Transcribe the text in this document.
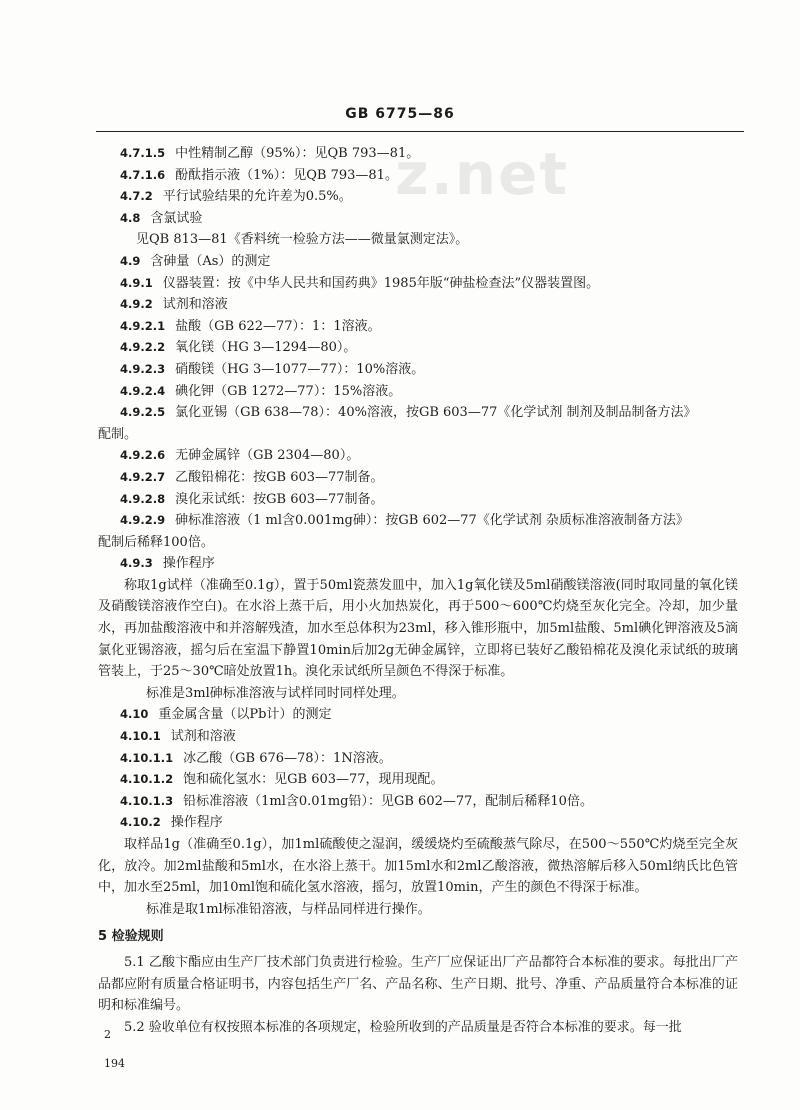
z.net
GB 6775—86
4.7.1.5 中性精制乙醇（95%）：见QB 793—81。
4.7.1.6 酚酞指示液（1%）：见QB 793—81。
4.7.2 平行试验结果的允许差为0.5%。
4.8 含氯试验
见QB 813—81《香料统一检验方法——微量氯测定法》。
4.9 含砷量（As）的测定
4.9.1 仪器装置：按《中华人民共和国药典》1985年版“砷盐检查法”仪器装置图。
4.9.2 试剂和溶液
4.9.2.1 盐酸（GB 622—77）：1：1溶液。
4.9.2.2 氧化镁（HG 3—1294—80）。
4.9.2.3 硝酸镁（HG 3—1077—77）：10%溶液。
4.9.2.4 碘化钾（GB 1272—77）：15%溶液。
4.9.2.5 氯化亚锡（GB 638—78）：40%溶液，按GB 603—77《化学试剂 制剂及制品制备方法》
配制。
4.9.2.6 无砷金属锌（GB 2304—80）。
4.9.2.7 乙酸铅棉花：按GB 603—77制备。
4.9.2.8 溴化汞试纸：按GB 603—77制备。
4.9.2.9 砷标准溶液（1 ml含0.001mg砷）：按GB 602—77《化学试剂 杂质标准溶液制备方法》
配制后稀释100倍。
4.9.3 操作程序
称取1g试样（准确至0.1g），置于50ml瓷蒸发皿中，加入1g氧化镁及5ml硝酸镁溶液(同时取同量的氧化镁及硝酸镁溶液作空白)。在水浴上蒸干后，用小火加热炭化，再于500～600℃灼烧至灰化完全。冷却，加少量水，再加盐酸溶液中和并溶解残渣，加水至总体积为23ml，移入锥形瓶中，加5ml盐酸、5ml碘化钾溶液及5滴氯化亚锡溶液，摇匀后在室温下静置10min后加2g无砷金属锌，立即将已装好乙酸铅棉花及溴化汞试纸的玻璃管装上，于25～30℃暗处放置1h。溴化汞试纸所呈颜色不得深于标准。
标准是3ml砷标准溶液与试样同时同样处理。
4.10 重金属含量（以Pb计）的测定
4.10.1 试剂和溶液
4.10.1.1 冰乙酸（GB 676—78）：1N溶液。
4.10.1.2 饱和硫化氢水：见GB 603—77，现用现配。
4.10.1.3 铅标准溶液（1ml含0.01mg铅）：见GB 602—77，配制后稀释10倍。
4.10.2 操作程序
取样品1g（准确至0.1g），加1ml硫酸使之湿润，缓缓烧灼至硫酸蒸气除尽，在500～550℃灼烧至完全灰化，放冷。加2ml盐酸和5ml水，在水浴上蒸干。加15ml水和2ml乙酸溶液，微热溶解后移入50ml纳氏比色管中，加水至25ml，加10ml饱和硫化氢水溶液，摇匀，放置10min，产生的颜色不得深于标准。
标准是取1ml标准铅溶液，与样品同样进行操作。
5 检验规则
5.1 乙酸卞酯应由生产厂技术部门负责进行检验。生产厂应保证出厂产品都符合本标准的要求。每批出厂产品都应附有质量合格证明书，内容包括生产厂名、产品名称、生产日期、批号、净重、产品质量符合本标准的证明和标准编号。
5.2 验收单位有权按照本标准的各项规定，检验所收到的产品质量是否符合本标准的要求。每一批
2
194
